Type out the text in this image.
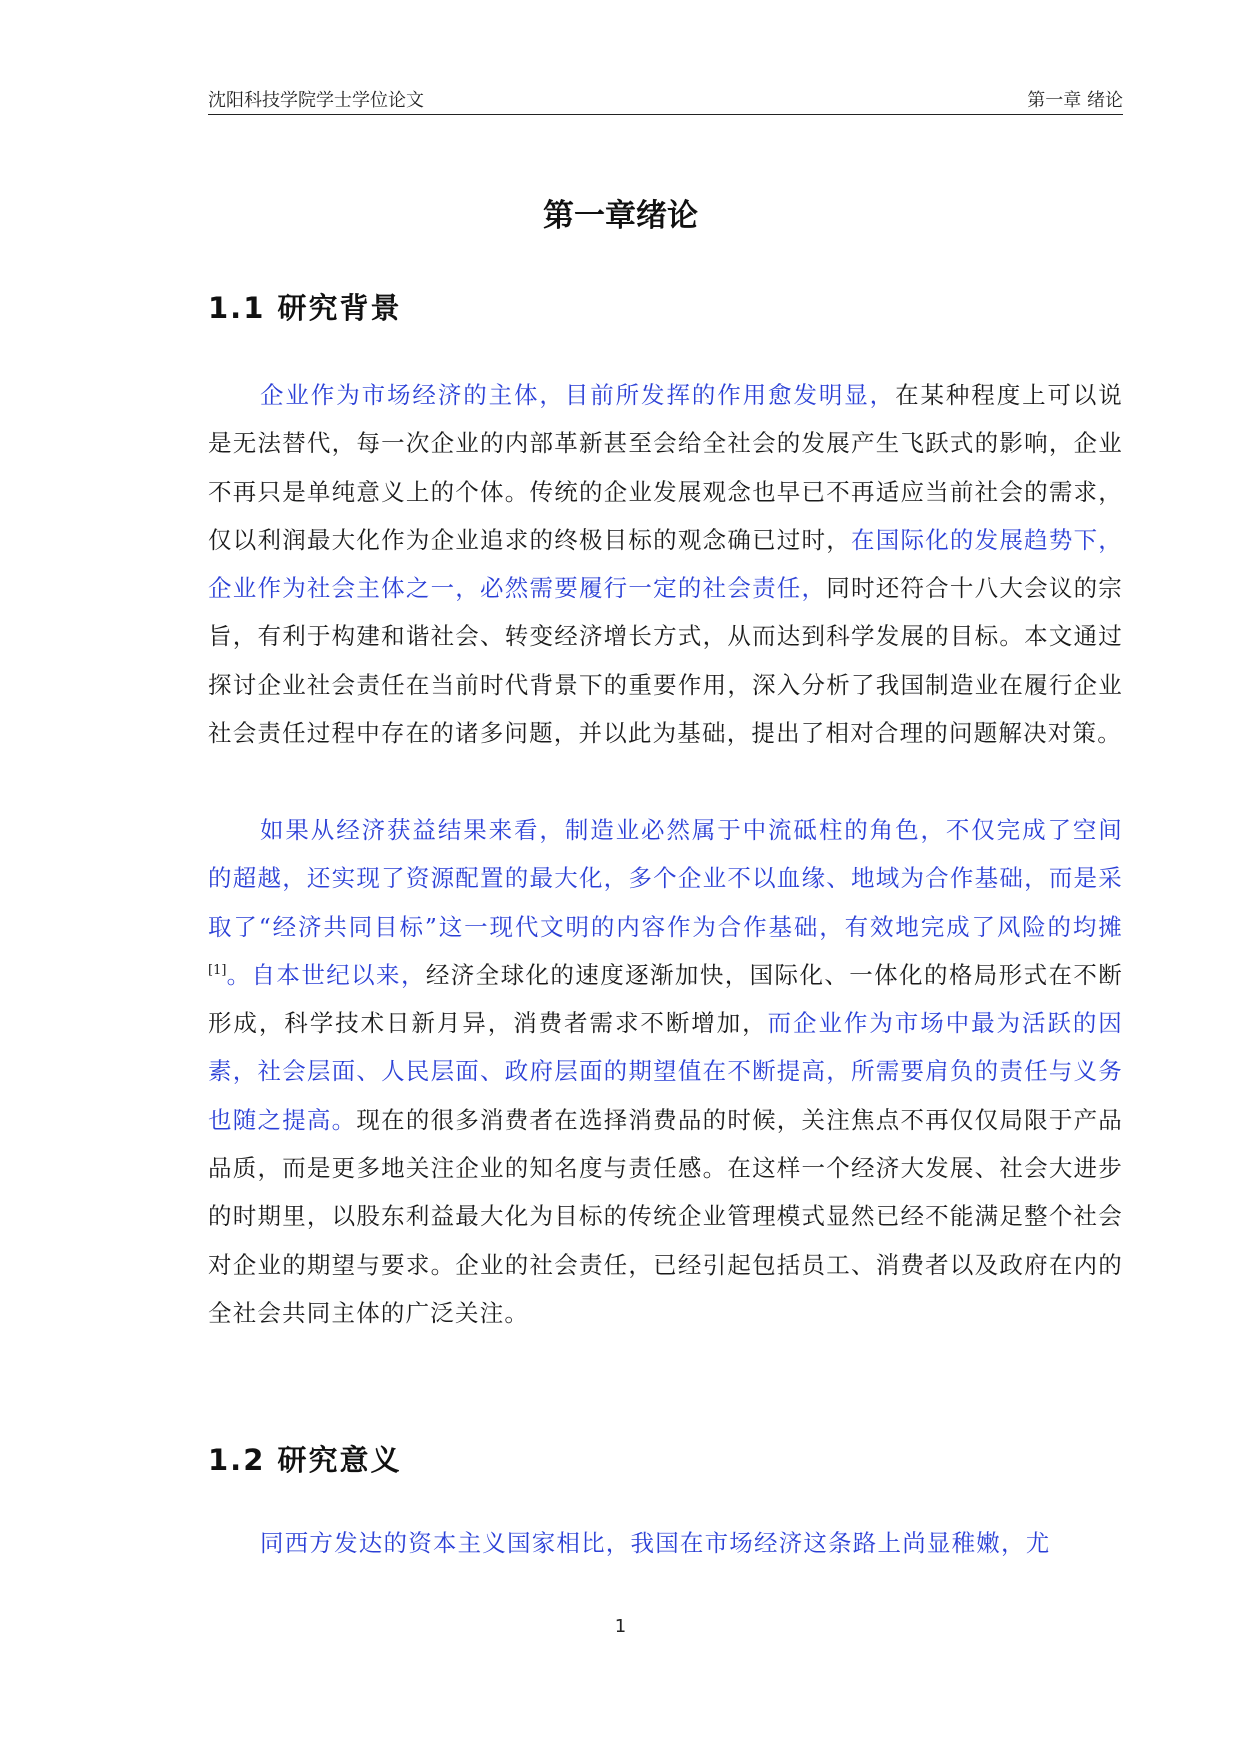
沈阳科技学院学士学位论文	第一章 绪论
第一章绪论
1.1 研究背景

企业作为市场经济的主体，目前所发挥的作用愈发明显，在某种程度上可以说是无法替代，每一次企业的内部革新甚至会给全社会的发展产生飞跃式的影响，企业不再只是单纯意义上的个体。传统的企业发展观念也早已不再适应当前社会的需求，仅以利润最大化作为企业追求的终极目标的观念确已过时，在国际化的发展趋势下，企业作为社会主体之一，必然需要履行一定的社会责任，同时还符合十八大会议的宗旨，有利于构建和谐社会、转变经济增长方式，从而达到科学发展的目标。本文通过探讨企业社会责任在当前时代背景下的重要作用，深入分析了我国制造业在履行企业社会责任过程中存在的诸多问题，并以此为基础，提出了相对合理的问题解决对策。

如果从经济获益结果来看，制造业必然属于中流砥柱的角色，不仅完成了空间的超越，还实现了资源配置的最大化，多个企业不以血缘、地域为合作基础，而是采取了“经济共同目标”这一现代文明的内容作为合作基础，有效地完成了风险的均摊[1]。自本世纪以来，经济全球化的速度逐渐加快，国际化、一体化的格局形式在不断形成，科学技术日新月异，消费者需求不断增加，而企业作为市场中最为活跃的因素，社会层面、人民层面、政府层面的期望值在不断提高，所需要肩负的责任与义务也随之提高。现在的很多消费者在选择消费品的时候，关注焦点不再仅仅局限于产品品质，而是更多地关注企业的知名度与责任感。在这样一个经济大发展、社会大进步的时期里，以股东利益最大化为目标的传统企业管理模式显然已经不能满足整个社会对企业的期望与要求。企业的社会责任，已经引起包括员工、消费者以及政府在内的全社会共同主体的广泛关注。

1.2 研究意义

同西方发达的资本主义国家相比，我国在市场经济这条路上尚显稚嫩，尤

1
